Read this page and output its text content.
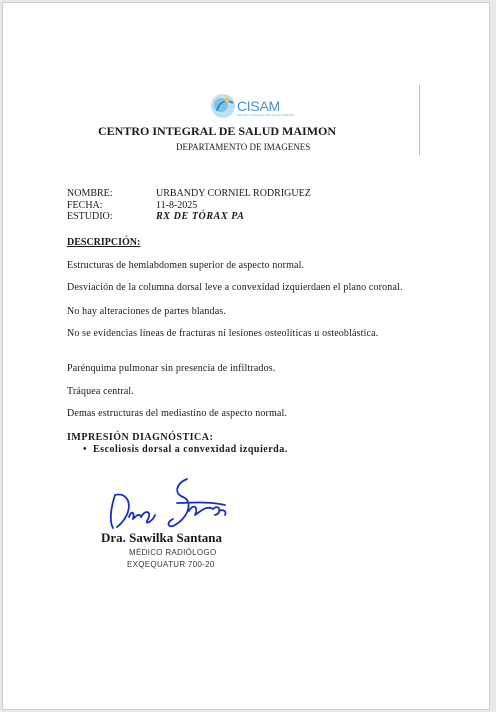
CISAM
CENTRO INTEGRAL DE SALUD MAIMON
CENTRO INTEGRAL DE SALUD MAIMON
DEPARTAMENTO DE IMAGENES
NOMBRE:	URBANDY CORNIEL RODRIGUEZ
FECHA:	11-8-2025
ESTUDIO:	RX DE TÓRAX PA
DESCRIPCIÓN:
Estructuras de hemiabdomen superior de aspecto normal.
Desviación de la columna dorsal leve a convexidad izquierdaen el plano coronal.
No hay alteraciones de partes blandas.
No se evidencias líneas de fracturas ni lesiones osteolíticas u osteoblástica.
Parénquima pulmonar sin presencia de infiltrados.
Tráquea central.
Demas estructuras del mediastino de aspecto normal.
IMPRESIÓN DIAGNÓSTICA:
•  Escoliosis dorsal a convexidad izquierda.
Dra. Sawilka Santana
MÉDICO RADIÓLOGO
EXQEQUATUR 700-20
